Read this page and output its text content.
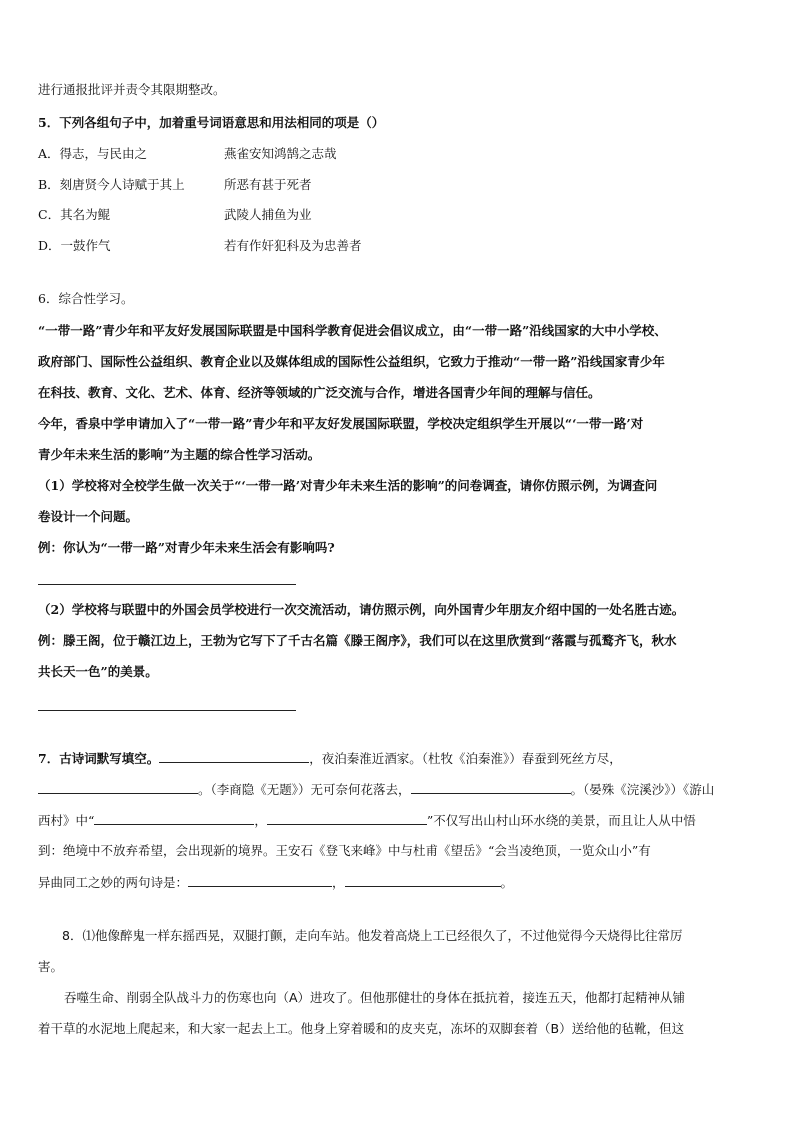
进行通报批评并责令其限期整改。
5．下列各组句子中，加着重号词语意思和用法相同的项是（）
A．得志，与民由之	燕雀安知鸿鹄之志哉
B．刻唐贤今人诗赋于其上	所恶有甚于死者
C．其名为鲲	武陵人捕鱼为业
D．一鼓作气	若有作奸犯科及为忠善者
6．综合性学习。
“一带一路”青少年和平友好发展国际联盟是中国科学教育促进会倡议成立，由“一带一路”沿线国家的大中小学校、
政府部门、国际性公益组织、教育企业以及媒体组成的国际性公益组织，它致力于推动“一带一路”沿线国家青少年
在科技、教育、文化、艺术、体育、经济等领域的广泛交流与合作，增进各国青少年间的理解与信任。
今年，香泉中学申请加入了“一带一路”青少年和平友好发展国际联盟，学校决定组织学生开展以“‘一带一路’对
青少年未来生活的影响”为主题的综合性学习活动。
（1）学校将对全校学生做一次关于“‘一带一路’对青少年未来生活的影响”的问卷调查，请你仿照示例，为调查问
卷设计一个问题。
例：你认为“一带一路”对青少年未来生活会有影响吗?
（2）学校将与联盟中的外国会员学校进行一次交流活动，请仿照示例，向外国青少年朋友介绍中国的一处名胜古迹。
例：滕王阁，位于赣江边上，王勃为它写下了千古名篇《滕王阁序》，我们可以在这里欣赏到“落霞与孤鹜齐飞，秋水
共长天一色”的美景。
7．古诗词默写填空。	，夜泊秦淮近酒家。（杜牧《泊秦淮》）春蚕到死丝方尽，
。（李商隐《无题》）无可奈何花落去，	。（晏殊《浣溪沙》）《游山
西村》中“	，	”不仅写出山村山环水绕的美景，而且让人从中悟
到：绝境中不放弃希望，会出现新的境界。王安石《登飞来峰》中与杜甫《望岳》“会当凌绝顶，一览众山小”有
异曲同工之妙的两句诗是：	，	。
8．⑴他像醉鬼一样东摇西晃，双腿打颤，走向车站。他发着高烧上工已经很久了，不过他觉得今天烧得比往常厉
害。
吞噬生命、削弱全队战斗力的伤寒也向（A）进攻了。但他那健壮的身体在抵抗着，接连五天，他都打起精神从铺
着干草的水泥地上爬起来，和大家一起去上工。他身上穿着暖和的皮夹克，冻坏的双脚套着（B）送给他的毡靴，但这
